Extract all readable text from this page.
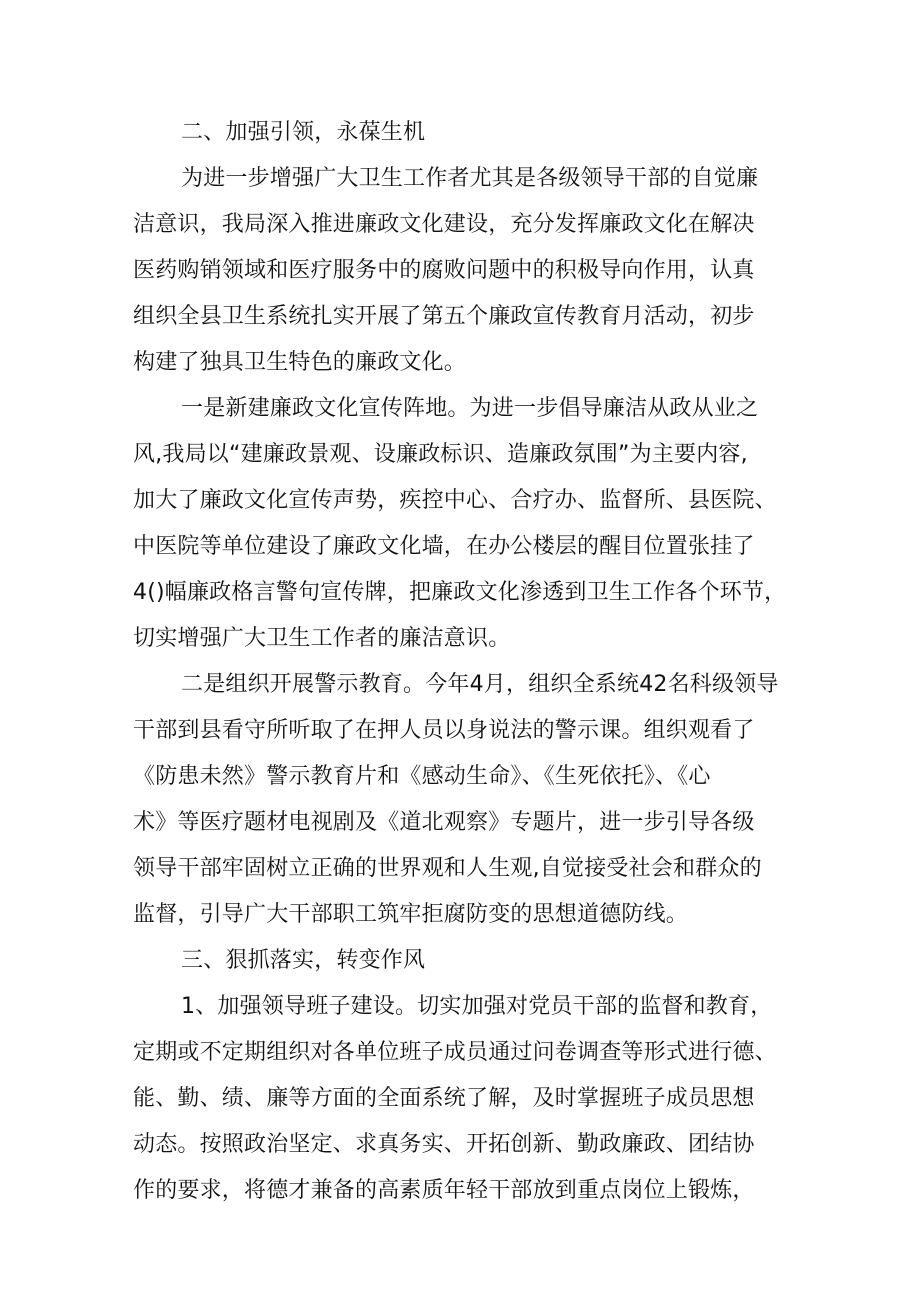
二、加强引领，永葆生机
为进一步增强广大卫生工作者尤其是各级领导干部的自觉廉
洁意识，我局深入推进廉政文化建设，充分发挥廉政文化在解决
医药购销领域和医疗服务中的腐败问题中的积极导向作用，认真
组织全县卫生系统扎实开展了第五个廉政宣传教育月活动，初步
构建了独具卫生特色的廉政文化。
一是新建廉政文化宣传阵地。为进一步倡导廉洁从政从业之
风,我局以“建廉政景观、设廉政标识、造廉政氛围”为主要内容,
加大了廉政文化宣传声势，疾控中心、合疗办、监督所、县医院、
中医院等单位建设了廉政文化墙，在办公楼层的醒目位置张挂了
4()幅廉政格言警句宣传牌，把廉政文化渗透到卫生工作各个环节，
切实增强广大卫生工作者的廉洁意识。
二是组织开展警示教育。今年4月，组织全系统42名科级领导
干部到县看守所听取了在押人员以身说法的警示课。组织观看了
《防患未然》警示教育片和《感动生命》、《生死依托》、《心
术》等医疗题材电视剧及《道北观察》专题片，进一步引导各级
领导干部牢固树立正确的世界观和人生观,自觉接受社会和群众的
监督，引导广大干部职工筑牢拒腐防变的思想道德防线。
三、狠抓落实，转变作风
1、加强领导班子建设。切实加强对党员干部的监督和教育，
定期或不定期组织对各单位班子成员通过问卷调查等形式进行德、
能、勤、绩、廉等方面的全面系统了解，及时掌握班子成员思想
动态。按照政治坚定、求真务实、开拓创新、勤政廉政、团结协
作的要求，将德才兼备的高素质年轻干部放到重点岗位上锻炼，
